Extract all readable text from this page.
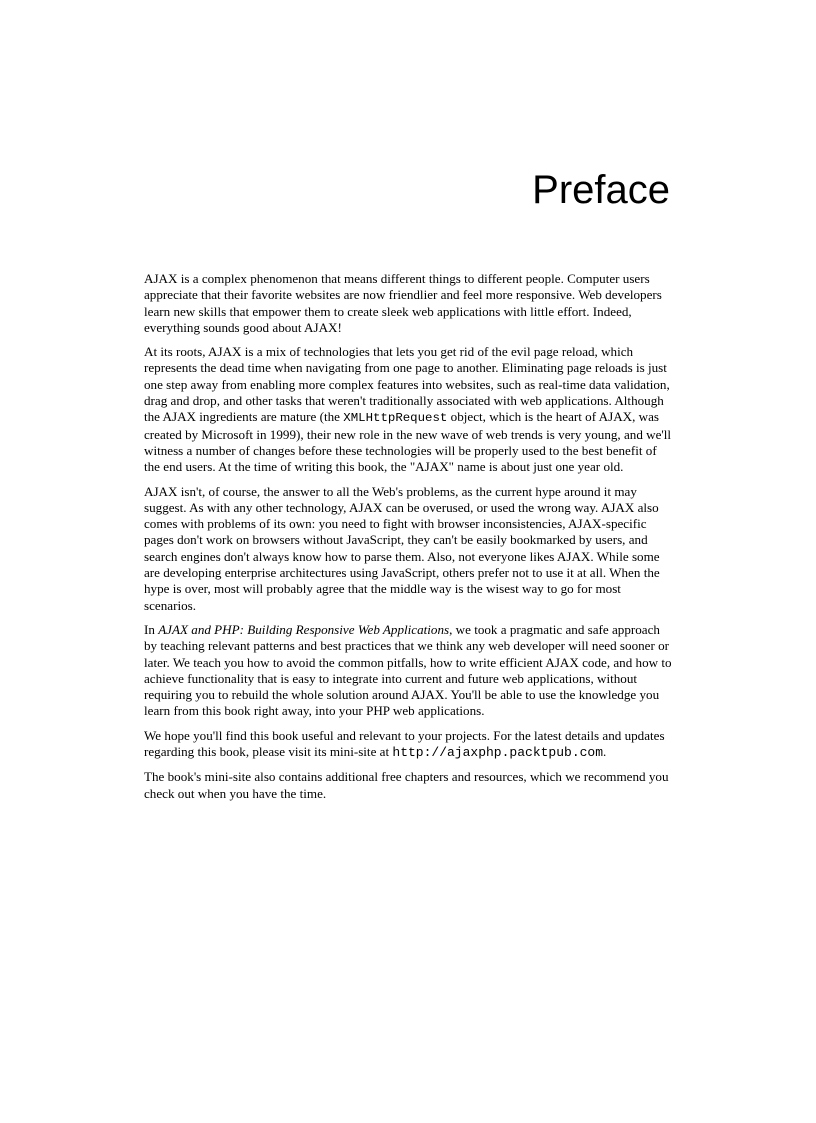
Preface

AJAX is a complex phenomenon that means different things to different people. Computer users appreciate that their favorite websites are now friendlier and feel more responsive. Web developers learn new skills that empower them to create sleek web applications with little effort. Indeed, everything sounds good about AJAX!

At its roots, AJAX is a mix of technologies that lets you get rid of the evil page reload, which represents the dead time when navigating from one page to another. Eliminating page reloads is just one step away from enabling more complex features into websites, such as real-time data validation, drag and drop, and other tasks that weren't traditionally associated with web applications. Although the AJAX ingredients are mature (the XMLHttpRequest object, which is the heart of AJAX, was created by Microsoft in 1999), their new role in the new wave of web trends is very young, and we'll witness a number of changes before these technologies will be properly used to the best benefit of the end users. At the time of writing this book, the "AJAX" name is about just one year old.

AJAX isn't, of course, the answer to all the Web's problems, as the current hype around it may suggest. As with any other technology, AJAX can be overused, or used the wrong way. AJAX also comes with problems of its own: you need to fight with browser inconsistencies, AJAX-specific pages don't work on browsers without JavaScript, they can't be easily bookmarked by users, and search engines don't always know how to parse them. Also, not everyone likes AJAX. While some are developing enterprise architectures using JavaScript, others prefer not to use it at all. When the hype is over, most will probably agree that the middle way is the wisest way to go for most scenarios.

In AJAX and PHP: Building Responsive Web Applications, we took a pragmatic and safe approach by teaching relevant patterns and best practices that we think any web developer will need sooner or later. We teach you how to avoid the common pitfalls, how to write efficient AJAX code, and how to achieve functionality that is easy to integrate into current and future web applications, without requiring you to rebuild the whole solution around AJAX. You'll be able to use the knowledge you learn from this book right away, into your PHP web applications.

We hope you'll find this book useful and relevant to your projects. For the latest details and updates regarding this book, please visit its mini-site at http://ajaxphp.packtpub.com.

The book's mini-site also contains additional free chapters and resources, which we recommend you check out when you have the time.
